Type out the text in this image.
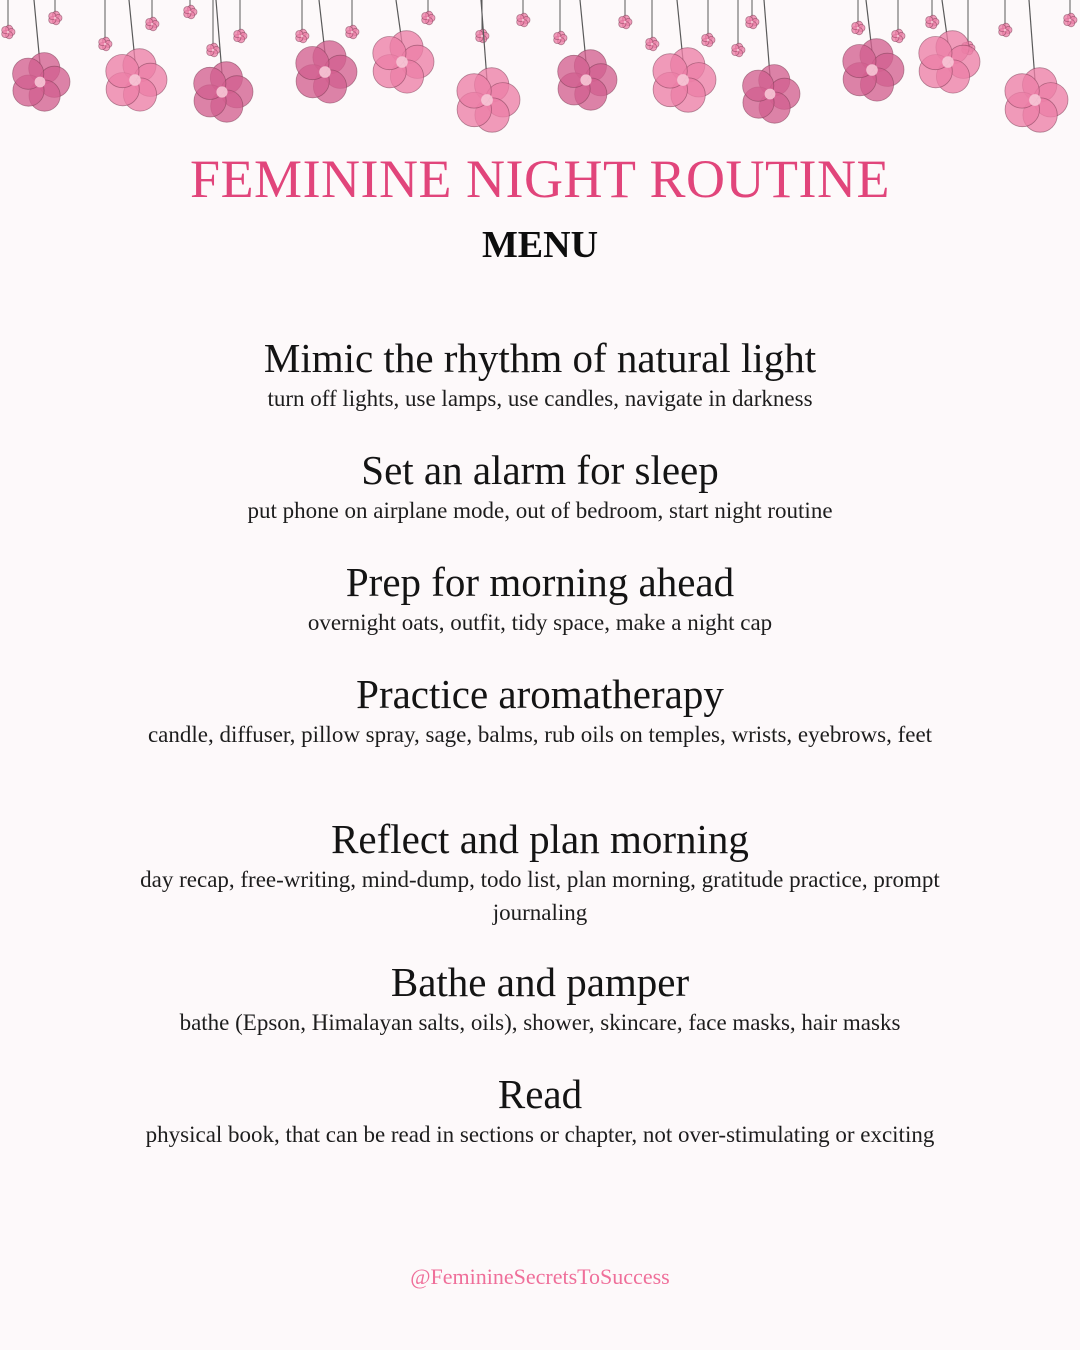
FEMININE NIGHT ROUTINE
MENU
Mimic the rhythm of natural light
turn off lights, use lamps, use candles, navigate in darkness
Set an alarm for sleep
put phone on airplane mode, out of bedroom, start night routine
Prep for morning ahead
overnight oats, outfit, tidy space, make a night cap
Practice aromatherapy
candle, diffuser, pillow spray, sage, balms, rub oils on temples, wrists, eyebrows, feet
Reflect and plan morning
day recap, free-writing, mind-dump, todo list, plan morning, gratitude practice, prompt journaling
Bathe and pamper
bathe (Epson, Himalayan salts, oils), shower, skincare, face masks, hair masks
Read
physical book, that can be read in sections or chapter, not over-stimulating or exciting
@FeminineSecretsToSuccess
